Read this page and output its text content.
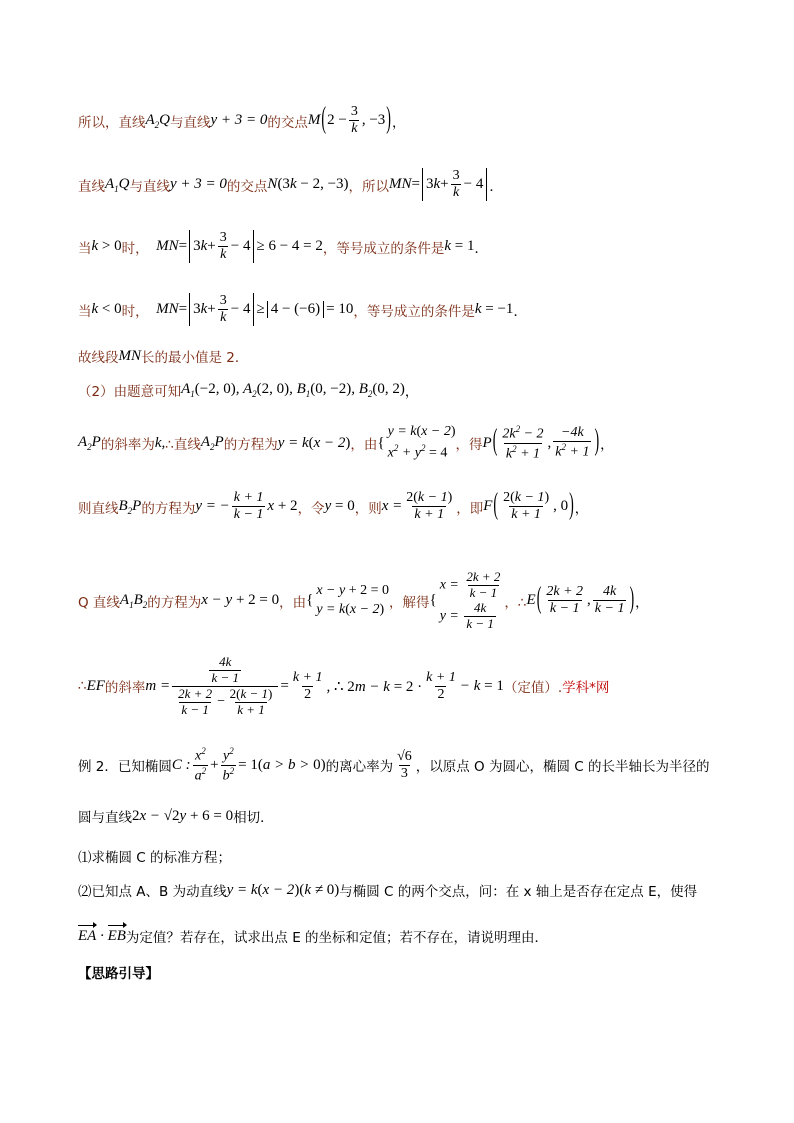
所以，直线 $A_2Q$ 与直线 y + 3 = 0 的交点 M ( $2 - \frac{3}{k}$ , −3 ) ，
直线 $A_1Q$ 与直线 y + 3 = 0 的交点 N(3k − 2, −3) ，所以 MN = 3 $k + \frac{3}{k} - 4$ ．
当 k > 0 时， MN = 3 $k + \frac{3}{k} - 4 \ge 6 - 4 = 2$ ，等号成立的条件是 k = 1 ．
当 k < 0 时， MN = 3 $k + \frac{3}{k} - 4 \ge 4 - (-6) = 10$ ，等号成立的条件是 k = −1 ．
故线段 MN 长的最小值是 2．
（2）由题意可知 $A_1(-2$, 0), $A_2(2$, 0), $B_1(0$, −2), $B_2(0$, 2) ，
$A_2P$ 的斜率为 k, ∴直线 $A_2P$ 的方程为 y = k(x − 2) ，由 {
y = k(x − 2)
$x^2 + y^2 = 4$ ，得 P ( $\frac{2k^2 - 2}{k^2 + 1}$ , $\frac{-4k}{k^2 + 1}$ ) ，
则直线 $B_2P$ 的方程为 y = − $\frac{k + 1}{k - 1}$ x + 2 ，令 y = 0 ，则 $x = \frac{2(k - 1)}{k + 1}$ ，即 F ( $\frac{2(k - 1)}{k + 1}$ , 0 ) ，
Q 直线 $A_1B_2$ 的方程为 x − y + 2 = 0 ，由 {
x − y + 2 = 0
y = k(x − 2) ，解得 {
$x = \frac{2k + 2}{k - 1}$
$y = \frac{4k}{k - 1}$ ，∴ E ( $\frac{2k + 2}{k - 1}$ , $\frac{4k}{k - 1}$ ) ，
∴ EF 的斜率 $m = \frac{\frac{4k}{k - 1}}{\frac{2k + 2}{k - 1} - \frac{2(k - 1)}{k + 1}} = \frac{k + 1}{2}$ , ∴ $2m - k = 2 \cdot \frac{k + 1}{2} - k = 1$ （定值）. 学科*网
例 2．已知椭圆 C : $\frac{x^2}{a^2} + \frac{y^2}{b^2} = 1(a > b > 0)$ 的离心率为 $\frac{√6}{3}$ ，以原点 O 为圆心，椭圆 C 的长半轴长为半径的
圆与直线 2x − √2y + 6 = 0 相切．
⑴求椭圆 C 的标准方程；
⑵已知点 A、B 为动直线 y = k(x − 2)(k ≠ 0) 与椭圆 C 的两个交点，问：在 x 轴上是否存在定点 E，使得
EA · EB 为定值？若存在，试求出点 E 的坐标和定值；若不存在，请说明理由．
【思路引导】
